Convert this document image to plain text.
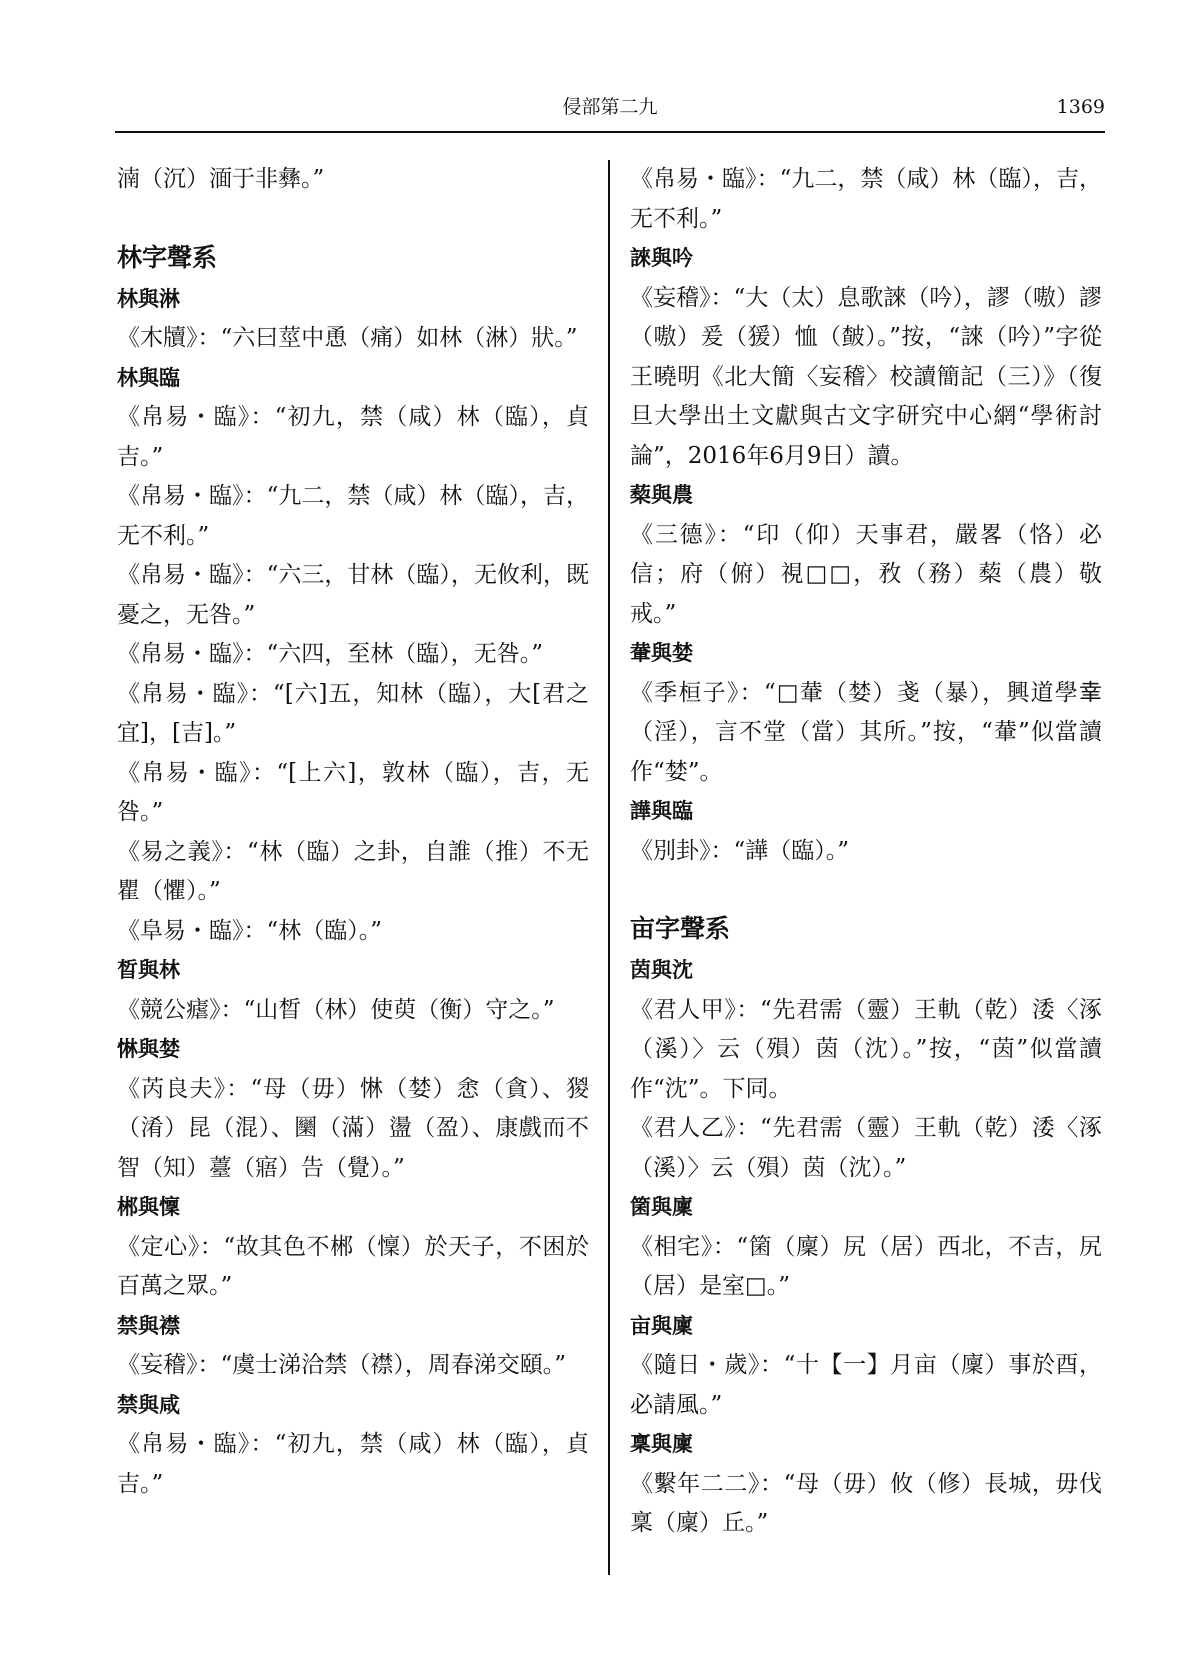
侵部第二九	1369
湳（沉）湎于非彝。”
林字聲系
林與淋
《木牘》：“六曰莖中恿（痛）如林（淋）狀。”
林與臨
《帛易・臨》：“初九，禁（咸）林（臨），貞吉。”
《帛易・臨》：“九二，禁（咸）林（臨），吉，无不利。”
《帛易・臨》：“六三，甘林（臨），无攸利，既憂之，无咎。”
《帛易・臨》：“六四，至林（臨），无咎。”
《帛易・臨》：“[六]五，知林（臨），大[君之宜]，[吉]。”
《帛易・臨》：“[上六]，敦林（臨），吉，无咎。”
《易之義》：“林（臨）之卦，自誰（推）不无瞿（懼）。”
《阜易・臨》：“林（臨）。”
晳與林
《競公瘧》：“山晳（林）使萸（衡）守之。”
惏與婪
《芮良夫》：“母（毋）惏（婪）悆（貪）、猣（淆）昆（混）、圞（滿）盪（盈）、康戲而不智（知）薹（寤）告（覺）。”
郴與懍
《定心》：“故其色不郴（懍）於天子，不困於百萬之眾。”
禁與襟
《妄稽》：“虞士涕洽禁（襟），周春涕交頤。”
禁與咸
《帛易・臨》：“初九，禁（咸）林（臨），貞吉。”
《帛易・臨》：“九二，禁（咸）林（臨），吉，无不利。”
誺與吟
《妄稽》：“大（太）息歌誺（吟），謬（嗷）謬（嗷）爰（猨）恤（皶）。”按，“誺（吟）”字從王曉明《北大簡〈妄稽〉校讀簡記（三）》（復旦大學出土文獻與古文字研究中心網“學術討論”，2016年6月9日）讀。
蔾與農
《三德》：“印（仰）天事君，嚴畧（恪）必信；府（俯）視□□，敄（務）蔾（農）敬戒。”
輂與婪
《季桓子》：“□輂（婪）戔（暴），興道學𦍒（淫），言不堂（當）其所。”按，“輂”似當讀作“婪”。
譁與臨
《別卦》：“譁（臨）。”
亩字聲系
茵與沈
《君人甲》：“先君需（靈）王軌（乾）涹〈涿（溪）〉云（殞）茵（沈）。”按，“茵”似當讀作“沈”。下同。
《君人乙》：“先君需（靈）王軌（乾）涹〈涿（溪）〉云（殞）茵（沈）。”
箘與廩
《相宅》：“箘（廩）尻（居）西北，不吉，尻（居）是室□。”
亩與廩
《隨日・歲》：“十【一】月亩（廩）事於酉，必請風。”
稟與廩
《繫年二二》：“母（毋）攸（修）長城，毋伐稟（廩）丘。”
